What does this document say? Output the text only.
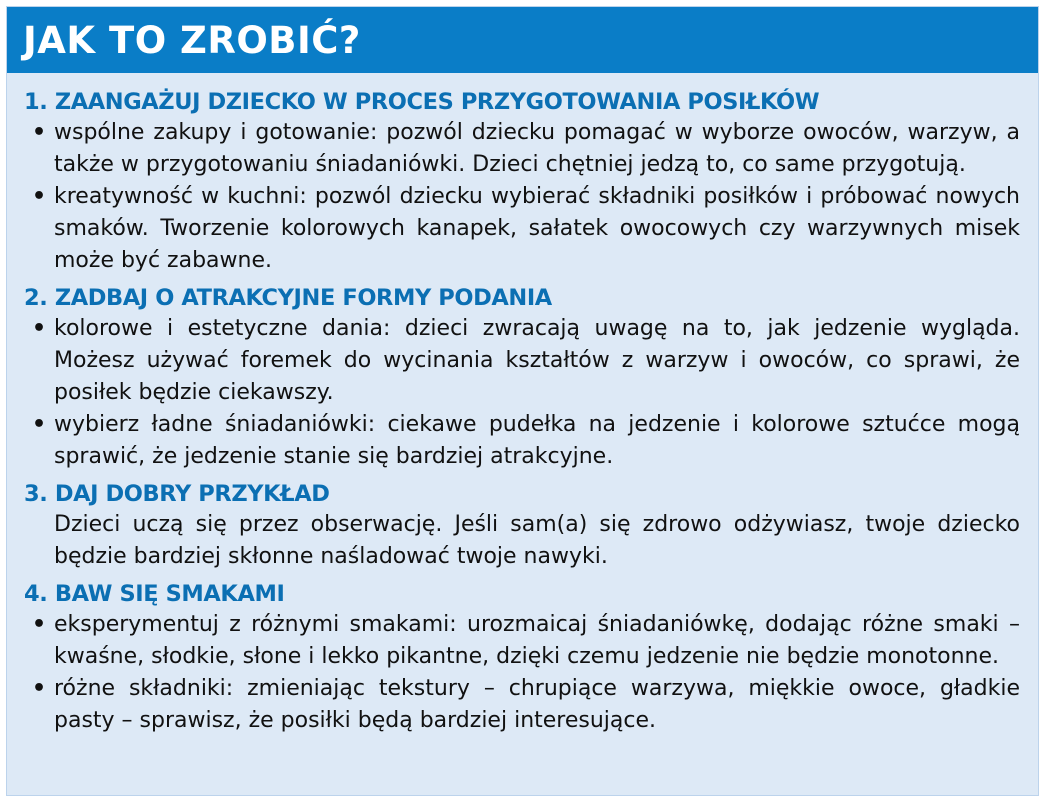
JAK TO ZROBIĆ?
1. ZAANGAŻUJ DZIECKO W PROCES PRZYGOTOWANIA POSIŁKÓW
• wspólne zakupy i gotowanie: pozwól dziecku pomagać w wyborze owoców, warzyw, a także w przygotowaniu śniadaniówki. Dzieci chętniej jedzą to, co same przygotują.
• kreatywność w kuchni: pozwól dziecku wybierać składniki posiłków i próbować nowych smaków. Tworzenie kolorowych kanapek, sałatek owocowych czy warzywnych misek może być zabawne.
2. ZADBAJ O ATRAKCYJNE FORMY PODANIA
• kolorowe i estetyczne dania: dzieci zwracają uwagę na to, jak jedzenie wygląda. Możesz używać foremek do wycinania kształtów z warzyw i owoców, co sprawi, że posiłek będzie ciekawszy.
• wybierz ładne śniadaniówki: ciekawe pudełka na jedzenie i kolorowe sztućce mogą sprawić, że jedzenie stanie się bardziej atrakcyjne.
3. DAJ DOBRY PRZYKŁAD
Dzieci uczą się przez obserwację. Jeśli sam(a) się zdrowo odżywiasz, twoje dziecko będzie bardziej skłonne naśladować twoje nawyki.
4. BAW SIĘ SMAKAMI
• eksperymentuj z różnymi smakami: urozmaicaj śniadaniówkę, dodając różne smaki – kwaśne, słodkie, słone i lekko pikantne, dzięki czemu jedzenie nie będzie monotonne.
• różne składniki: zmieniając tekstury – chrupiące warzywa, miękkie owoce, gładkie pasty – sprawisz, że posiłki będą bardziej interesujące.
